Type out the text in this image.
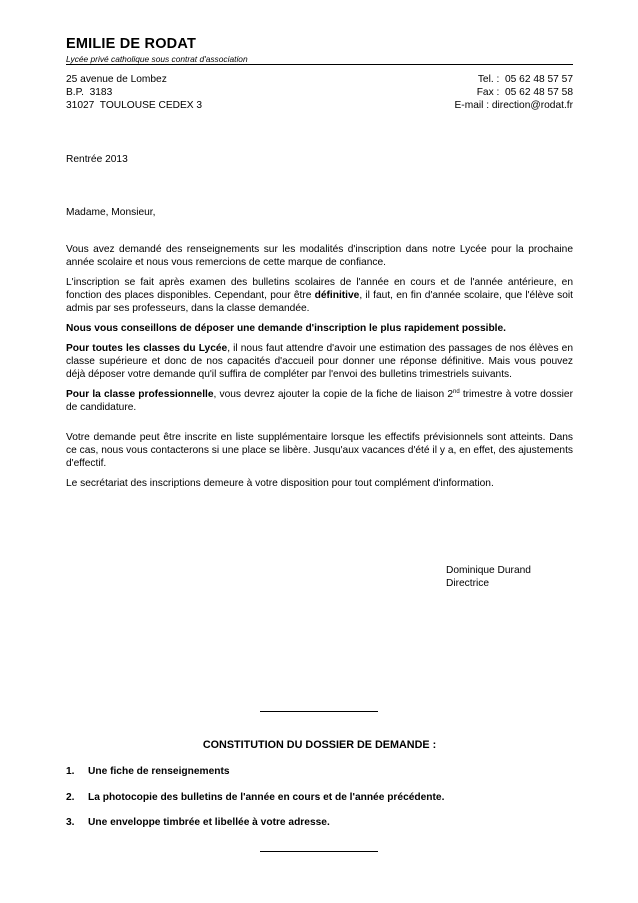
EMILIE DE RODAT
Lycée privé catholique sous contrat d'association
25 avenue de Lombez
B.P.  3183
31027  TOULOUSE CEDEX 3
Tel. :  05 62 48 57 57
Fax :  05 62 48 57 58
E-mail : direction@rodat.fr
Rentrée 2013
Madame, Monsieur,

Vous avez demandé des renseignements sur les modalités d'inscription dans notre Lycée pour la prochaine année scolaire et nous vous remercions de cette marque de confiance.

L'inscription se fait après examen des bulletins scolaires de l'année en cours et de l'année antérieure, en fonction des places disponibles. Cependant, pour être définitive, il faut, en fin d'année scolaire, que l'élève soit admis par ses professeurs, dans la classe demandée.

Nous vous conseillons de déposer une demande d'inscription le plus rapidement possible.

Pour toutes les classes du Lycée, il nous faut attendre d'avoir une estimation des passages de nos élèves en classe supérieure et donc de nos capacités d'accueil pour donner une réponse définitive. Mais vous pouvez déjà déposer votre demande qu'il suffira de compléter par l'envoi des bulletins trimestriels suivants.

Pour la classe professionnelle, vous devrez ajouter la copie de la fiche de liaison 2nd trimestre à votre dossier de candidature.

Votre demande peut être inscrite en liste supplémentaire lorsque les effectifs prévisionnels sont atteints. Dans ce cas, nous vous contacterons si une place se libère. Jusqu'aux vacances d'été il y a, en effet, des ajustements d'effectif.

Le secrétariat des inscriptions demeure à votre disposition pour tout complément d'information.

Dominique Durand
Directrice
CONSTITUTION DU DOSSIER DE DEMANDE :
1. Une fiche de renseignements
2. La photocopie des bulletins de l'année en cours et de l'année précédente.
3. Une enveloppe timbrée et libellée à votre adresse.
